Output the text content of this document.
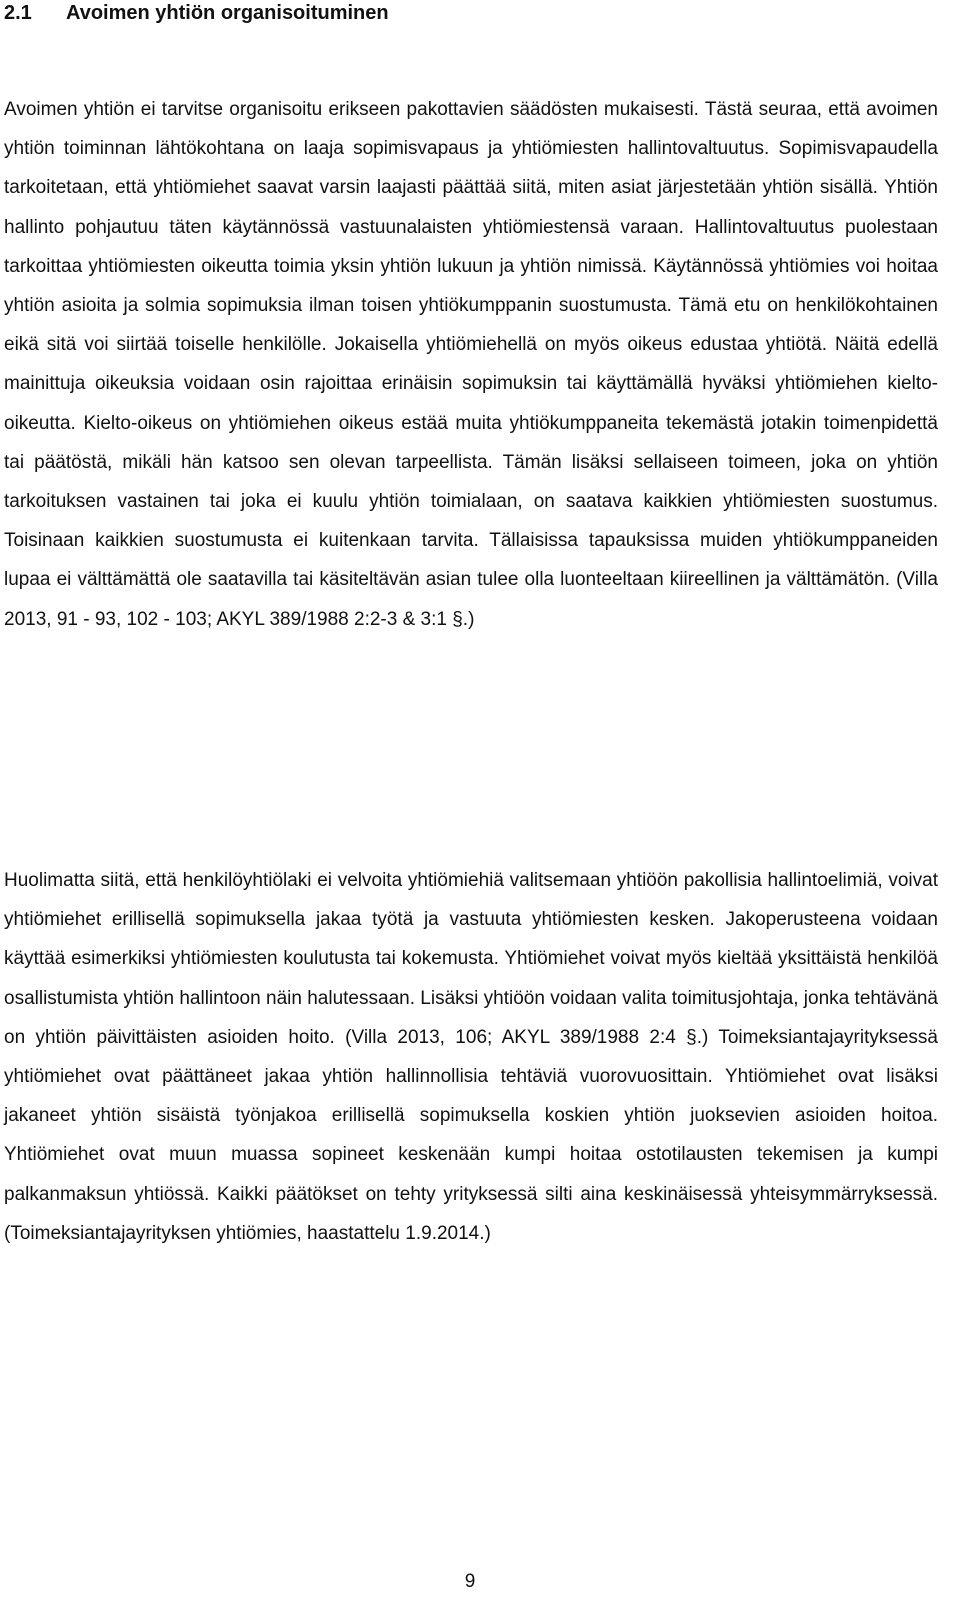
2.1 Avoimen yhtiön organisoituminen

Avoimen yhtiön ei tarvitse organisoitu erikseen pakottavien säädösten mukaisesti. Tästä seuraa, että avoimen yhtiön toiminnan lähtökohtana on laaja sopimisvapaus ja yhtiömiesten hallintovaltuutus. Sopimisvapaudella tarkoitetaan, että yhtiömiehet saavat varsin laajasti päättää siitä, miten asiat järjestetään yhtiön sisällä. Yhtiön hallinto pohjautuu täten käytännössä vastuunalaisten yhtiömiestensä varaan. Hallintovaltuutus puolestaan tarkoittaa yhtiömiesten oikeutta toimia yksin yhtiön lukuun ja yhtiön nimissä. Käytännössä yhtiömies voi hoitaa yhtiön asioita ja solmia sopimuksia ilman toisen yhtiökumppanin suostumusta. Tämä etu on henkilökohtainen eikä sitä voi siirtää toiselle henkilölle. Jokaisella yhtiömiehellä on myös oikeus edustaa yhtiötä. Näitä edellä mainittuja oikeuksia voidaan osin rajoittaa erinäisin sopimuksin tai käyttämällä hyväksi yhtiömiehen kielto-oikeutta. Kielto-oikeus on yhtiömiehen oikeus estää muita yhtiökumppaneita tekemästä jotakin toimenpidettä tai päätöstä, mikäli hän katsoo sen olevan tarpeellista. Tämän lisäksi sellaiseen toimeen, joka on yhtiön tarkoituksen vastainen tai joka ei kuulu yhtiön toimialaan, on saatava kaikkien yhtiömiesten suostumus. Toisinaan kaikkien suostumusta ei kuitenkaan tarvita. Tällaisissa tapauksissa muiden yhtiökumppaneiden lupaa ei välttämättä ole saatavilla tai käsiteltävän asian tulee olla luonteeltaan kiireellinen ja välttämätön. (Villa 2013, 91 - 93, 102 - 103; AKYL 389/1988 2:2-3 & 3:1 §.)

Huolimatta siitä, että henkilöyhtiölaki ei velvoita yhtiömiehiä valitsemaan yhtiöön pakollisia hallintoelimiä, voivat yhtiömiehet erillisellä sopimuksella jakaa työtä ja vastuuta yhtiömiesten kesken. Jakoperusteena voidaan käyttää esimerkiksi yhtiömiesten koulutusta tai kokemusta. Yhtiömiehet voivat myös kieltää yksittäistä henkilöä osallistumista yhtiön hallintoon näin halutessaan. Lisäksi yhtiöön voidaan valita toimitusjohtaja, jonka tehtävänä on yhtiön päivittäisten asioiden hoito. (Villa 2013, 106; AKYL 389/1988 2:4 §.) Toimeksiantajayrityksessä yhtiömiehet ovat päättäneet jakaa yhtiön hallinnollisia tehtäviä vuorovuosittain. Yhtiömiehet ovat lisäksi jakaneet yhtiön sisäistä työnjakoa erillisellä sopimuksella koskien yhtiön juoksevien asioiden hoitoa. Yhtiömiehet ovat muun muassa sopineet keskenään kumpi hoitaa ostotilausten tekemisen ja kumpi palkanmaksun yhtiössä. Kaikki päätökset on tehty yrityksessä silti aina keskinäisessä yhteisymmärryksessä. (Toimeksiantajayrityksen yhtiömies, haastattelu 1.9.2014.)

9
